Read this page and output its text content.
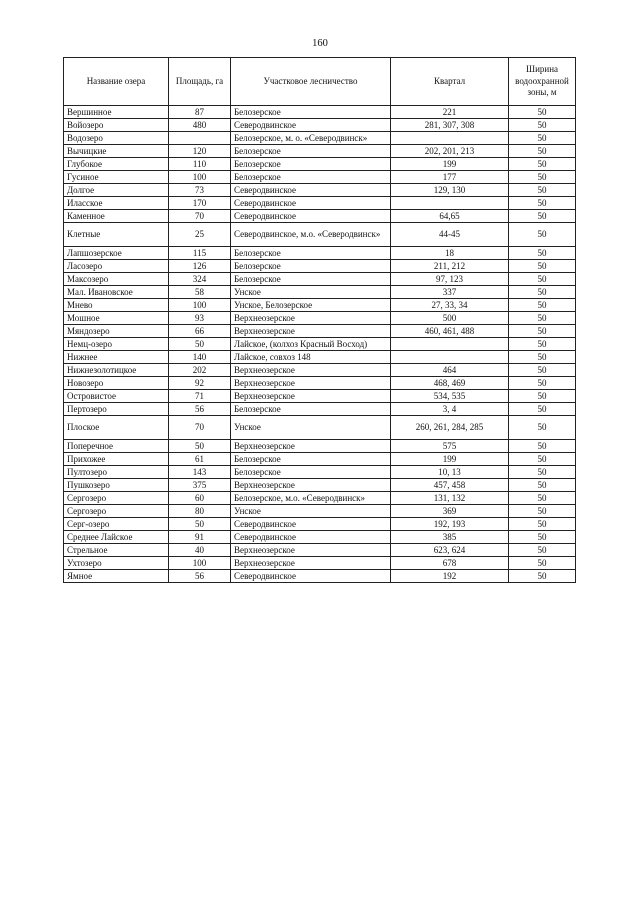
160
Название озера	Площадь, га	Участковое лесничество	Квартал	Ширина водоохранной зоны, м
Вершинное	87	Белозерское	221	50
Войозеро	480	Северодвинское	281, 307, 308	50
Водозеро		Белозерское, м. о. «Северодвинск»		50
Вычицкие	120	Белозерское	202, 201, 213	50
Глубокое	110	Белозерское	199	50
Гусиное	100	Белозерское	177	50
Долгое	73	Северодвинское	129, 130	50
Иласское	170	Северодвинское		50
Каменное	70	Северодвинское	64,65	50
Клетные	25	Северодвинское, м.о. «Северодвинск»	44-45	50
Лапшозерское	115	Белозерское	18	50
Ласозеро	126	Белозерское	211, 212	50
Максозеро	324	Белозерское	97, 123	50
Мал. Ивановское	58	Унское	337	50
Мнево	100	Унское, Белозерское	27, 33, 34	50
Мошное	93	Верхнеозерское	500	50
Мяндозеро	66	Верхнеозерское	460, 461, 488	50
Немц-озеро	50	Лайское, (колхоз Красный Восход)		50
Нижнее	140	Лайское, совхоз 148		50
Нижнезолотицкое	202	Верхнеозерское	464	50
Новозеро	92	Верхнеозерское	468, 469	50
Островистое	71	Верхнеозерское	534, 535	50
Пертозеро	56	Белозерское	3, 4	50
Плоское	70	Унское	260, 261, 284, 285	50
Поперечное	50	Верхнеозерское	575	50
Прихожее	61	Белозерское	199	50
Пултозеро	143	Белозерское	10, 13	50
Пушкозеро	375	Верхнеозерское	457, 458	50
Сергозеро	60	Белозерское, м.о. «Северодвинск»	131, 132	50
Сергозеро	80	Унское	369	50
Серг-озеро	50	Северодвинское	192, 193	50
Среднее Лайское	91	Северодвинское	385	50
Стрельное	40	Верхнеозерское	623, 624	50
Ухтозеро	100	Верхнеозерское	678	50
Ямное	56	Северодвинское	192	50
